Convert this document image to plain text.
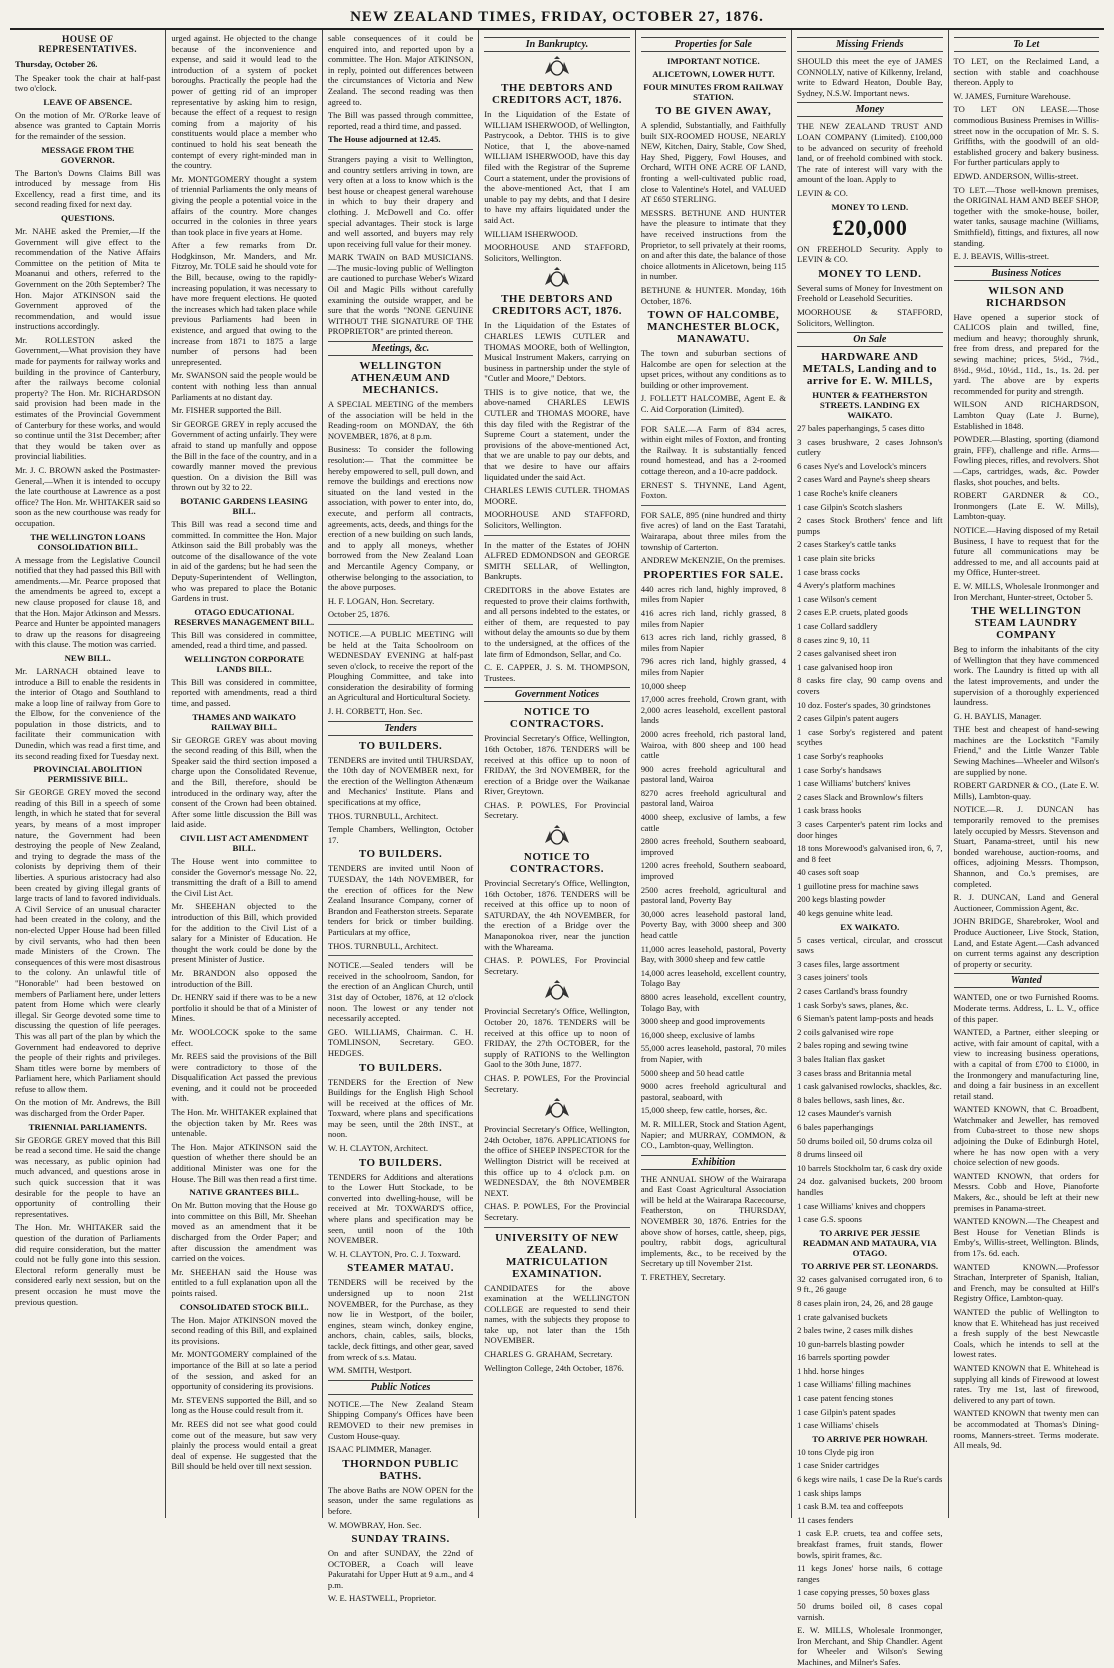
NEW ZEALAND TIMES, FRIDAY, OCTOBER 27, 1876.
HOUSE OF REPRESENTATIVES.

Thursday, October 26.

The Speaker took the chair at half-past two o'clock.

LEAVE OF ABSENCE.

On the motion of Mr. O'Rorke leave of absence was granted to Captain Morris for the remainder of the session.

MESSAGE FROM THE GOVERNOR.

The Barton's Downs Claims Bill was introduced by message from His Excellency, read a first time, and its second reading fixed for next day.

QUESTIONS.

Mr. NAHE asked the Premier,—If the Government will give effect to the recommendation of the Native Affairs Committee on the petition of Mita te Moananui and others, referred to the Government on the 20th September? The Hon. Major ATKINSON said the Government approved of the recommendation, and would issue instructions accordingly.

Mr. ROLLESTON asked the Government,—What provision they have made for payments for railway works and building in the province of Canterbury, after the railways become colonial property? The Hon. Mr. RICHARDSON said provision had been made in the estimates of the Provincial Government of Canterbury for these works, and would so continue until the 31st December; after that they would be taken over as provincial liabilities.

Mr. J. C. BROWN asked the Postmaster-General,—When it is intended to occupy the late courthouse at Lawrence as a post office? The Hon. Mr. WHITAKER said so soon as the new courthouse was ready for occupation.

THE WELLINGTON LOANS CONSOLIDATION BILL.

A message from the Legislative Council notified that they had passed this Bill with amendments.—Mr. Pearce proposed that the amendments be agreed to, except a new clause proposed for clause 18, and that the Hon. Major Atkinson and Messrs. Pearce and Hunter be appointed managers to draw up the reasons for disagreeing with this clause. The motion was carried.

NEW BILL.

Mr. LARNACH obtained leave to introduce a Bill to enable the residents in the interior of Otago and Southland to make a loop line of railway from Gore to the Elbow, for the convenience of the population in those districts, and to facilitate their communication with Dunedin, which was read a first time, and its second reading fixed for Tuesday next.

PROVINCIAL ABOLITION PERMISSIVE BILL.

Sir GEORGE GREY moved the second reading of this Bill in a speech of some length, in which he stated that for several years, by means of a most improper nature, the Government had been destroying the people of New Zealand, and trying to degrade the mass of the colonists by depriving them of their liberties. A spurious aristocracy had also been created by giving illegal grants of large tracts of land to favored individuals. A Civil Service of an unusual character had been created in the colony, and the non-elected Upper House had been filled by civil servants, who had then been made Ministers of the Crown. The consequences of this were most disastrous to the colony. An unlawful title of "Honorable" had been bestowed on members of Parliament here, under letters patent from Home which were clearly illegal. Sir George devoted some time to discussing the question of life peerages. This was all part of the plan by which the Government had endeavored to deprive the people of their rights and privileges. Sham titles were borne by members of Parliament here, which Parliament should refuse to allow them.

On the motion of Mr. Andrews, the Bill was discharged from the Order Paper.

TRIENNIAL PARLIAMENTS.

Sir GEORGE GREY moved that this Bill be read a second time. He said the change was necessary, as public opinion had much advanced, and questions arose in such quick succession that it was desirable for the people to have an opportunity of controlling their representatives.

The Hon. Mr. WHITAKER said the question of the duration of Parliaments did require consideration, but the matter could not be fully gone into this session. Electoral reform generally must be considered early next session, but on the present occasion he must move the previous question.

urged against. He objected to the change because of the inconvenience and expense, and said it would lead to the introduction of a system of pocket boroughs. Practically the people had the power of getting rid of an improper representative by asking him to resign, because the effect of a request to resign coming from a majority of his constituents would place a member who continued to hold his seat beneath the contempt of every right-minded man in the country.

Mr. MONTGOMERY thought a system of triennial Parliaments the only means of giving the people a potential voice in the affairs of the country. More changes occurred in the colonies in three years than took place in five years at Home.

After a few remarks from Dr. Hodgkinson, Mr. Manders, and Mr. Fitzroy, Mr. TOLE said he should vote for the Bill, because, owing to the rapidly-increasing population, it was necessary to have more frequent elections. He quoted the increases which had taken place while previous Parliaments had been in existence, and argued that owing to the increase from 1871 to 1875 a large number of persons had been unrepresented.

Mr. SWANSON said the people would be content with nothing less than annual Parliaments at no distant day.

Mr. FISHER supported the Bill.

Sir GEORGE GREY in reply accused the Government of acting unfairly. They were afraid to stand up manfully and oppose the Bill in the face of the country, and in a cowardly manner moved the previous question. On a division the Bill was thrown out by 32 to 22.

BOTANIC GARDENS LEASING BILL.

This Bill was read a second time and committed. In committee the Hon. Major Atkinson said the Bill probably was the outcome of the disallowance of the vote in aid of the gardens; but he had seen the Deputy-Superintendent of Wellington, who was prepared to place the Botanic Gardens in trust.

OTAGO EDUCATIONAL RESERVES MANAGEMENT BILL.

This Bill was considered in committee, amended, read a third time, and passed.

WELLINGTON CORPORATE LANDS BILL.

This Bill was considered in committee, reported with amendments, read a third time, and passed.

THAMES AND WAIKATO RAILWAY BILL.

Sir GEORGE GREY was about moving the second reading of this Bill, when the Speaker said the third section imposed a charge upon the Consolidated Revenue, and the Bill, therefore, should be introduced in the ordinary way, after the consent of the Crown had been obtained. After some little discussion the Bill was laid aside.

CIVIL LIST ACT AMENDMENT BILL.

The House went into committee to consider the Governor's message No. 22, transmitting the draft of a Bill to amend the Civil List Act.

Mr. SHEEHAN objected to the introduction of this Bill, which provided for the addition to the Civil List of a salary for a Minister of Education. He thought the work could be done by the present Minister of Justice.

Mr. BRANDON also opposed the introduction of the Bill.

Dr. HENRY said if there was to be a new portfolio it should be that of a Minister of Mines.

Mr. WOOLCOCK spoke to the same effect.

Mr. REES said the provisions of the Bill were contradictory to those of the Disqualification Act passed the previous evening, and it could not be proceeded with.

The Hon. Mr. WHITAKER explained that the objection taken by Mr. Rees was untenable.

The Hon. Major ATKINSON said the question of whether there should be an additional Minister was one for the House. The Bill was then read a first time.

NATIVE GRANTEES BILL.

On Mr. Button moving that the House go into committee on this Bill, Mr. Sheehan moved as an amendment that it be discharged from the Order Paper; and after discussion the amendment was carried on the voices.

Mr. SHEEHAN said the House was entitled to a full explanation upon all the points raised.

CONSOLIDATED STOCK BILL.

The Hon. Major ATKINSON moved the second reading of this Bill, and explained its provisions.

Mr. MONTGOMERY complained of the importance of the Bill at so late a period of the session, and asked for an opportunity of considering its provisions.

Mr. STEVENS supported the Bill, and so long as the House could result from it.

Mr. REES did not see what good could come out of the measure, but saw very plainly the process would entail a great deal of expense. He suggested that the Bill should be held over till next session.

sable consequences of it could be enquired into, and reported upon by a committee. The Hon. Major ATKINSON, in reply, pointed out differences between the circumstances of Victoria and New Zealand. The second reading was then agreed to.

The Bill was passed through committee, reported, read a third time, and passed.

The House adjourned at 12.45.

Strangers paying a visit to Wellington, and country settlers arriving in town, are very often at a loss to know which is the best house or cheapest general warehouse in which to buy their drapery and clothing. J. McDowell and Co. offer special advantages. Their stock is large and well assorted, and buyers may rely upon receiving full value for their money.

MARK TWAIN on BAD MUSICIANS.—The music-loving public of Wellington are cautioned to purchase Weber's Wizard Oil and Magic Pills without carefully examining the outside wrapper, and be sure that the words "NONE GENUINE WITHOUT THE SIGNATURE OF THE PROPRIETOR" are printed thereon.

Meetings, &c.
WELLINGTON ATHENÆUM AND MECHANICS.

A SPECIAL MEETING of the members of the association will be held in the Reading-room on MONDAY, the 6th NOVEMBER, 1876, at 8 p.m.

Business: To consider the following resolution:— That the committee be hereby empowered to sell, pull down, and remove the buildings and erections now situated on the land vested in the association, with power to enter into, do, execute, and perform all contracts, agreements, acts, deeds, and things for the erection of a new building on such lands, and to apply all moneys, whether borrowed from the New Zealand Loan and Mercantile Agency Company, or otherwise belonging to the association, to the above purposes.

H. F. LOGAN, Hon. Secretary.

October 25, 1876.

NOTICE.—A PUBLIC MEETING will be held at the Taita Schoolroom on WEDNESDAY EVENING at half-past seven o'clock, to receive the report of the Ploughing Committee, and take into consideration the desirability of forming an Agricultural and Horticultural Society.

J. H. CORBETT, Hon. Sec.

Tenders
TO BUILDERS.

TENDERS are invited until THURSDAY, the 10th day of NOVEMBER next, for the erection of the Wellington Athenæum and Mechanics' Institute. Plans and specifications at my office,

THOS. TURNBULL, Architect.

Temple Chambers, Wellington, October 17.

TO BUILDERS.

TENDERS are invited until Noon of TUESDAY, the 14th NOVEMBER, for the erection of offices for the New Zealand Insurance Company, corner of Brandon and Featherston streets. Separate tenders for brick or timber building. Particulars at my office,

THOS. TURNBULL, Architect.

NOTICE.—Sealed tenders will be received in the schoolroom, Sandon, for the erection of an Anglican Church, until 31st day of October, 1876, at 12 o'clock noon. The lowest or any tender not necessarily accepted.

GEO. WILLIAMS, Chairman. C. H. TOMLINSON, Secretary. GEO. HEDGES.

TO BUILDERS.

TENDERS for the Erection of New Buildings for the English High School will be received at the offices of Mr. Toxward, where plans and specifications may be seen, until the 28th INST., at noon.

W. H. CLAYTON, Architect.

TO BUILDERS.

TENDERS for Additions and alterations to the Lower Hutt Stockade, to be converted into dwelling-house, will be received at Mr. TOXWARD'S office, where plans and specification may be seen, until noon of the 10th NOVEMBER.

W. H. CLAYTON, Pro. C. J. Toxward.

STEAMER MATAU.

TENDERS will be received by the undersigned up to noon 21st NOVEMBER, for the Purchase, as they now lie in Westport, of the boiler, engines, steam winch, donkey engine, anchors, chain, cables, sails, blocks, tackle, deck fittings, and other gear, saved from wreck of s.s. Matau.

WM. SMITH, Westport.

Public Notices

NOTICE.—The New Zealand Steam Shipping Company's Offices have been REMOVED to their new premises in Custom House-quay.

ISAAC PLIMMER, Manager.

THORNDON PUBLIC BATHS.

The above Baths are NOW OPEN for the season, under the same regulations as before.

W. MOWBRAY, Hon. Sec.

SUNDAY TRAINS.

On and after SUNDAY, the 22nd of OCTOBER, a Coach will leave Pakuratahi for Upper Hutt at 9 a.m., and 4 p.m.

W. E. HASTWELL, Proprietor.

In Bankruptcy.
THE DEBTORS AND CREDITORS ACT, 1876.

In the Liquidation of the Estate of WILLIAM ISHERWOOD, of Wellington, Pastrycook, a Debtor. THIS is to give Notice, that I, the above-named WILLIAM ISHERWOOD, have this day filed with the Registrar of the Supreme Court a statement, under the provisions of the above-mentioned Act, that I am unable to pay my debts, and that I desire to have my affairs liquidated under the said Act.

WILLIAM ISHERWOOD.

MOORHOUSE AND STAFFORD, Solicitors, Wellington.

THE DEBTORS AND CREDITORS ACT, 1876.

In the Liquidation of the Estates of CHARLES LEWIS CUTLER and THOMAS MOORE, both of Wellington, Musical Instrument Makers, carrying on business in partnership under the style of "Cutler and Moore," Debtors.

THIS is to give notice, that we, the above-named CHARLES LEWIS CUTLER and THOMAS MOORE, have this day filed with the Registrar of the Supreme Court a statement, under the provisions of the above-mentioned Act, that we are unable to pay our debts, and that we desire to have our affairs liquidated under the said Act.

CHARLES LEWIS CUTLER. THOMAS MOORE.

MOORHOUSE AND STAFFORD, Solicitors, Wellington.

In the matter of the Estates of JOHN ALFRED EDMONDSON and GEORGE SMITH SELLAR, of Wellington, Bankrupts.

CREDITORS in the above Estates are requested to prove their claims forthwith, and all persons indebted to the estates, or either of them, are requested to pay without delay the amounts so due by them to the undersigned, at the offices of the late firm of Edmondson, Sellar, and Co.

C. E. CAPPER, J. S. M. THOMPSON, Trustees.

Government Notices
NOTICE TO CONTRACTORS.

Provincial Secretary's Office, Wellington, 16th October, 1876. TENDERS will be received at this office up to noon of FRIDAY, the 3rd NOVEMBER, for the erection of a Bridge over the Waikanae River, Greytown.

CHAS. P. POWLES, For Provincial Secretary.

NOTICE TO CONTRACTORS.

Provincial Secretary's Office, Wellington, 16th October, 1876. TENDERS will be received at this office up to noon of SATURDAY, the 4th NOVEMBER, for the erection of a Bridge over the Manaponokoa river, near the junction with the Whareama.

CHAS. P. POWLES, For Provincial Secretary.

Provincial Secretary's Office, Wellington, October 20, 1876. TENDERS will be received at this office up to noon of FRIDAY, the 27th OCTOBER, for the supply of RATIONS to the Wellington Gaol to the 30th June, 1877.

CHAS. P. POWLES, For the Provincial Secretary.

Provincial Secretary's Office, Wellington, 24th October, 1876. APPLICATIONS for the office of SHEEP INSPECTOR for the Wellington District will be received at this office up to 4 o'clock p.m. on WEDNESDAY, the 8th NOVEMBER NEXT.

CHAS. P. POWLES, For the Provincial Secretary.

UNIVERSITY OF NEW ZEALAND. MATRICULATION EXAMINATION.

CANDIDATES for the above examination at the WELLINGTON COLLEGE are requested to send their names, with the subjects they propose to take up, not later than the 15th NOVEMBER.

CHARLES G. GRAHAM, Secretary.

Wellington College, 24th October, 1876.

Properties for Sale
IMPORTANT NOTICE.
ALICETOWN, LOWER HUTT.
FOUR MINUTES FROM RAILWAY STATION.
TO BE GIVEN AWAY,

A splendid, Substantially, and Faithfully built SIX-ROOMED HOUSE, NEARLY NEW, Kitchen, Dairy, Stable, Cow Shed, Hay Shed, Piggery, Fowl Houses, and Orchard, WITH ONE ACRE OF LAND, fronting a well-cultivated public road, close to Valentine's Hotel, and VALUED AT £650 STERLING.

MESSRS. BETHUNE AND HUNTER have the pleasure to intimate that they have received instructions from the Proprietor, to sell privately at their rooms, on and after this date, the balance of those choice allotments in Alicetown, being 115 in number.

BETHUNE & HUNTER. Monday, 16th October, 1876.

TOWN OF HALCOMBE, MANCHESTER BLOCK, MANAWATU.

The town and suburban sections of Halcombe are open for selection at the upset prices, without any conditions as to building or other improvement.

J. FOLLETT HALCOMBE, Agent E. & C. Aid Corporation (Limited).

FOR SALE.—A Farm of 834 acres, within eight miles of Foxton, and fronting the Railway. It is substantially fenced round homestead, and has a 2-roomed cottage thereon, and a 10-acre paddock.

ERNEST S. THYNNE, Land Agent, Foxton.

FOR SALE, 895 (nine hundred and thirty five acres) of land on the East Taratahi, Wairarapa, about three miles from the township of Carterton.

ANDREW McKENZIE, On the premises.

PROPERTIES FOR SALE.

440 acres rich land, highly improved, 8 miles from Napier

416 acres rich land, richly grassed, 8 miles from Napier

613 acres rich land, richly grassed, 8 miles from Napier

796 acres rich land, highly grassed, 4 miles from Napier

10,000 sheep

17,000 acres freehold, Crown grant, with 2,000 acres leasehold, excellent pastoral lands

2000 acres freehold, rich pastoral land, Wairoa, with 800 sheep and 100 head cattle

900 acres freehold agricultural and pastoral land, Wairoa

8270 acres freehold agricultural and pastoral land, Wairoa

4000 sheep, exclusive of lambs, a few cattle

2800 acres freehold, Southern seaboard, improved

1200 acres freehold, Southern seaboard, improved

2500 acres freehold, agricultural and pastoral land, Poverty Bay

30,000 acres leasehold pastoral land, Poverty Bay, with 3000 sheep and 300 head cattle

11,000 acres leasehold, pastoral, Poverty Bay, with 3000 sheep and few cattle

14,000 acres leasehold, excellent country, Tolago Bay

8800 acres leasehold, excellent country, Tolago Bay, with

3000 sheep and good improvements

16,000 sheep, exclusive of lambs

55,000 acres leasehold, pastoral, 70 miles from Napier, with

5000 sheep and 50 head cattle

9000 acres freehold agricultural and pastoral, seaboard, with

15,000 sheep, few cattle, horses, &c.

M. R. MILLER, Stock and Station Agent, Napier; and MURRAY, COMMON, & CO., Lambton-quay, Wellington.

Exhibition

THE ANNUAL SHOW of the Wairarapa and East Coast Agricultural Association will be held at the Wairarapa Racecourse, Featherston, on THURSDAY, NOVEMBER 30, 1876. Entries for the above show of horses, cattle, sheep, pigs, poultry, rabbit dogs, agricultural implements, &c., to be received by the Secretary up till November 21st.

T. FRETHEY, Secretary.

Missing Friends

SHOULD this meet the eye of JAMES CONNOLLY, native of Kilkenny, Ireland, write to Edward Heaton, Double Bay, Sydney, N.S.W. Important news.

Money

THE NEW ZEALAND TRUST AND LOAN COMPANY (Limited). £100,000 to be advanced on security of freehold land, or of freehold combined with stock. The rate of interest will vary with the amount of the loan. Apply to

LEVIN & CO.

MONEY TO LEND.
£20,000

ON FREEHOLD Security. Apply to LEVIN & CO.

MONEY TO LEND.

Several sums of Money for Investment on Freehold or Leasehold Securities.

MOORHOUSE & STAFFORD, Solicitors, Wellington.

On Sale
HARDWARE AND METALS, Landing and to arrive for E. W. MILLS,
HUNTER & FEATHERSTON STREETS. LANDING EX WAIKATO.

27 bales paperhangings, 5 cases ditto

3 cases brushware, 2 cases Johnson's cutlery

6 cases Nye's and Lovelock's mincers

2 cases Ward and Payne's sheep shears

1 case Roche's knife cleaners

1 case Gilpin's Scotch slashers

2 cases Stock Brothers' fence and lift pumps

2 cases Starkey's cattle tanks

1 case plain site bricks

1 case brass cocks

4 Avery's platform machines

1 case Wilson's cement

2 cases E.P. cruets, plated goods

1 case Collard saddlery

8 cases zinc 9, 10, 11

2 cases galvanised sheet iron

1 case galvanised hoop iron

8 casks fire clay, 90 camp ovens and covers

10 doz. Foster's spades, 30 grindstones

2 cases Gilpin's patent augers

1 case Sorby's registered and patent scythes

1 case Sorby's reaphooks

1 case Sorby's handsaws

1 case Williams' butchers' knives

2 cases Slack and Brownlow's filters

1 cask brass hooks

3 cases Carpenter's patent rim locks and door hinges

18 tons Morewood's galvanised iron, 6, 7, and 8 feet

40 cases soft soap

1 guillotine press for machine saws

200 kegs blasting powder

40 kegs genuine white lead.

EX WAIKATO.

5 cases vertical, circular, and crosscut saws

3 cases files, large assortment

3 cases joiners' tools

2 cases Cartland's brass foundry

1 cask Sorby's saws, planes, &c.

6 Sieman's patent lamp-posts and heads

2 coils galvanised wire rope

2 bales roping and sewing twine

3 bales Italian flax gasket

3 cases brass and Britannia metal

1 cask galvanised rowlocks, shackles, &c.

8 bales bellows, sash lines, &c.

12 cases Maunder's varnish

6 bales paperhangings

50 drums boiled oil, 50 drums colza oil

8 drums linseed oil

10 barrels Stockholm tar, 6 cask dry oxide

24 doz. galvanised buckets, 200 broom handles

1 case Williams' knives and choppers

1 case G.S. spoons

TO ARRIVE PER JESSIE READMAN AND MATAURA, VIA OTAGO.
TO ARRIVE PER ST. LEONARDS.

32 cases galvanised corrugated iron, 6 to 9 ft., 26 gauge

8 cases plain iron, 24, 26, and 28 gauge

1 crate galvanised buckets

2 bales twine, 2 cases milk dishes

10 gun-barrels blasting powder

16 barrels sporting powder

1 hhd. horse hinges

1 case Williams' filling machines

1 case patent fencing stones

1 case Gilpin's patent spades

1 case Williams' chisels

TO ARRIVE PER HOWRAH.

10 tons Clyde pig iron

1 case Snider cartridges

6 kegs wire nails, 1 case De la Rue's cards

1 cask ships lamps

1 cask B.M. tea and coffeepots

11 cases fenders

1 cask E.P. cruets, tea and coffee sets, breakfast frames, fruit stands, flower bowls, spirit frames, &c.

11 kegs Jones' horse nails, 6 cottage ranges

1 case copying presses, 50 boxes glass

50 drums boiled oil, 8 cases copal varnish.

E. W. MILLS, Wholesale Ironmonger, Iron Merchant, and Ship Chandler. Agent for Wheeler and Wilson's Sewing Machines, and Milner's Safes.

To Let

TO LET, on the Reclaimed Land, a section with stable and coachhouse thereon. Apply to

W. JAMES, Furniture Warehouse.

TO LET ON LEASE.—Those commodious Business Premises in Willis-street now in the occupation of Mr. S. S. Griffiths, with the goodwill of an old-established grocery and bakery business. For further particulars apply to

EDWD. ANDERSON, Willis-street.

TO LET.—Those well-known premises, the ORIGINAL HAM AND BEEF SHOP, together with the smoke-house, boiler, water tanks, sausage machine (Williams, Smithfield), fittings, and fixtures, all now standing.

E. J. BEAVIS, Willis-street.

Business Notices
WILSON AND RICHARDSON

Have opened a superior stock of CALICOS plain and twilled, fine, medium and heavy; thoroughly shrunk, free from dress, and prepared for the sewing machine; prices, 5½d., 7½d., 8½d., 9½d., 10½d., 11d., 1s., 1s. 2d. per yard. The above are by experts recommended for purity and strength.

WILSON AND RICHARDSON, Lambton Quay (Late J. Burne), Established in 1848.

POWDER.—Blasting, sporting (diamond grain, FFF), challenge and rifle. Arms—Fowling pieces, rifles, and revolvers. Shot—Caps, cartridges, wads, &c. Powder flasks, shot pouches, and belts.

ROBERT GARDNER & CO., Ironmongers (Late E. W. Mills), Lambton-quay.

NOTICE.—Having disposed of my Retail Business, I have to request that for the future all communications may be addressed to me, and all accounts paid at my Office, Hunter-street.

E. W. MILLS, Wholesale Ironmonger and Iron Merchant, Hunter-street, October 5.

THE WELLINGTON STEAM LAUNDRY COMPANY

Beg to inform the inhabitants of the city of Wellington that they have commenced work. The Laundry is fitted up with all the latest improvements, and under the supervision of a thoroughly experienced laundress.

G. H. BAYLIS, Manager.

THE best and cheapest of hand-sewing machines are the Lockstitch "Family Friend," and the Little Wanzer Table Sewing Machines—Wheeler and Wilson's are supplied by none.

ROBERT GARDNER & CO., (Late E. W. Mills), Lambton-quay.

NOTICE.—R. J. DUNCAN has temporarily removed to the premises lately occupied by Messrs. Stevenson and Stuart, Panama-street, until his new bonded warehouse, auction-rooms, and offices, adjoining Messrs. Thompson, Shannon, and Co.'s premises, are completed.

R. J. DUNCAN, Land and General Auctioneer, Commission Agent, &c.

JOHN BRIDGE, Sharebroker, Wool and Produce Auctioneer, Live Stock, Station, Land, and Estate Agent.—Cash advanced on current terms against any description of property or security.

Wanted

WANTED, one or two Furnished Rooms. Moderate terms. Address, L. L. V., office of this paper.

WANTED, a Partner, either sleeping or active, with fair amount of capital, with a view to increasing business operations, with a capital of from £700 to £1000, in the Ironmongery and manufacturing line, and doing a fair business in an excellent retail stand.

WANTED KNOWN, that C. Broadbent, Watchmaker and Jeweller, has removed from Cuba-street to those new shops adjoining the Duke of Edinburgh Hotel, where he has now open with a very choice selection of new goods.

WANTED KNOWN, that orders for Messrs. Cobb and Hove, Pianoforte Makers, &c., should be left at their new premises in Panama-street.

WANTED KNOWN.—The Cheapest and Best House for Venetian Blinds is Emby's, Willis-street, Wellington. Blinds, from 17s. 6d. each.

WANTED KNOWN.—Professor Strachan, Interpreter of Spanish, Italian, and French, may be consulted at Hill's Registry Office, Lambton-quay.

WANTED the public of Wellington to know that E. Whitehead has just received a fresh supply of the best Newcastle Coals, which he intends to sell at the lowest rates.

WANTED KNOWN that E. Whitehead is supplying all kinds of Firewood at lowest rates. Try me 1st, last of firewood, delivered to any part of town.

WANTED KNOWN that twenty men can be accommodated at Thomas's Dining-rooms, Manners-street. Terms moderate. All meals, 9d.
